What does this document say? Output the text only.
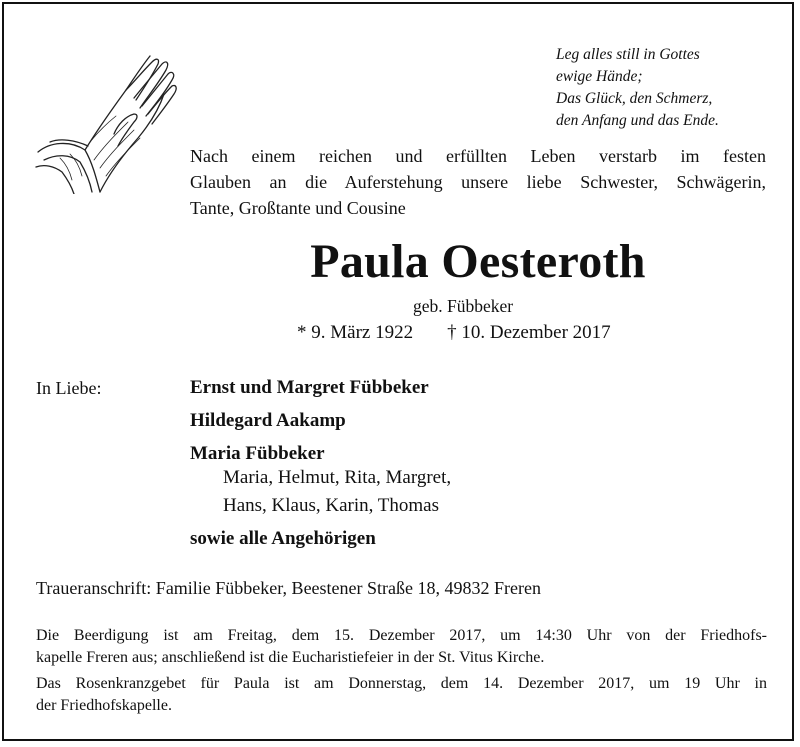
Leg alles still in Gottes
ewige Hände;
Das Glück, den Schmerz,
den Anfang und das Ende.
Nach einem reichen und erfüllten Leben verstarb im festen
Glauben an die Auferstehung unsere liebe Schwester, Schwägerin,
Tante, Großtante und Cousine
Paula Oesteroth
geb. Fübbeker
* 9. März 1922 † 10. Dezember 2017
In Liebe:	Ernst und Margret Fübbeker
Hildegard Aakamp
Maria Fübbeker
Maria, Helmut, Rita, Margret,
Hans, Klaus, Karin, Thomas
sowie alle Angehörigen
Traueranschrift: Familie Fübbeker, Beestener Straße 18, 49832 Freren
Die Beerdigung ist am Freitag, dem 15. Dezember 2017, um 14:30 Uhr von der Friedhofs-
kapelle Freren aus; anschließend ist die Eucharistiefeier in der St. Vitus Kirche.
Das Rosenkranzgebet für Paula ist am Donnerstag, dem 14. Dezember 2017, um 19 Uhr in
der Friedhofskapelle.
